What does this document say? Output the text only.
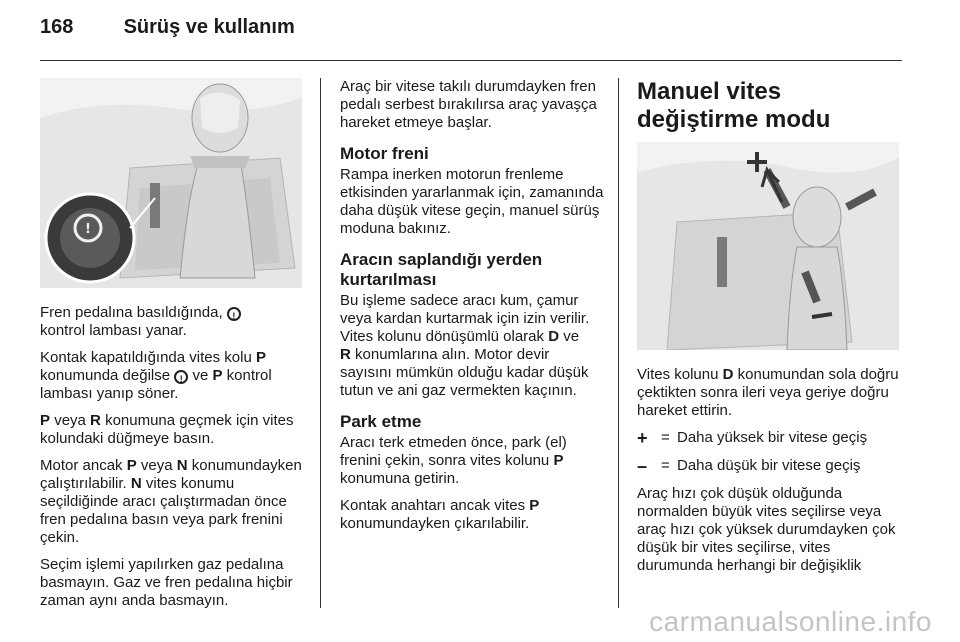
168	Sürüş ve kullanım
!

Fren pedalına basıldığında, !
kontrol lambası yanar.

Kontak kapatıldığında vites kolu P konumunda değilse ! ve P kontrol lambası yanıp söner.

P veya R konumuna geçmek için vites kolundaki düğmeye basın.

Motor ancak P veya N konumundayken çalıştırılabilir. N vites konumu seçildiğinde aracı çalıştırmadan önce fren pedalına basın veya park frenini çekin.

Seçim işlemi yapılırken gaz pedalına basmayın. Gaz ve fren pedalına hiçbir zaman aynı anda basmayın.

Araç bir vitese takılı durumdayken fren pedalı serbest bırakılırsa araç yavaşça hareket etmeye başlar.

Motor freni

Rampa inerken motorun frenleme etkisinden yararlanmak için, zamanında daha düşük vitese geçin, manuel sürüş moduna bakınız.

Aracın saplandığı yerden kurtarılması

Bu işleme sadece aracı kum, çamur veya kardan kurtarmak için izin verilir. Vites kolunu dönüşümlü olarak D ve
R konumlarına alın. Motor devir sayısını mümkün olduğu kadar düşük tutun ve ani gaz vermekten kaçının.

Park etme

Aracı terk etmeden önce, park (el) frenini çekin, sonra vites kolunu P konumuna getirin.

Kontak anahtarı ancak vites P konumundayken çıkarılabilir.

Manuel vites değiştirme modu

Vites kolunu D konumundan sola doğru çektikten sonra ileri veya geriye doğru hareket ettirin.

+ = Daha yüksek bir vitese geçiş
– = Daha düşük bir vitese geçiş

Araç hızı çok düşük olduğunda normalden büyük vites seçilirse veya araç hızı çok yüksek durumdayken çok düşük bir vites seçilirse, vites durumunda herhangi bir değişiklik

carmanualsonline.info
